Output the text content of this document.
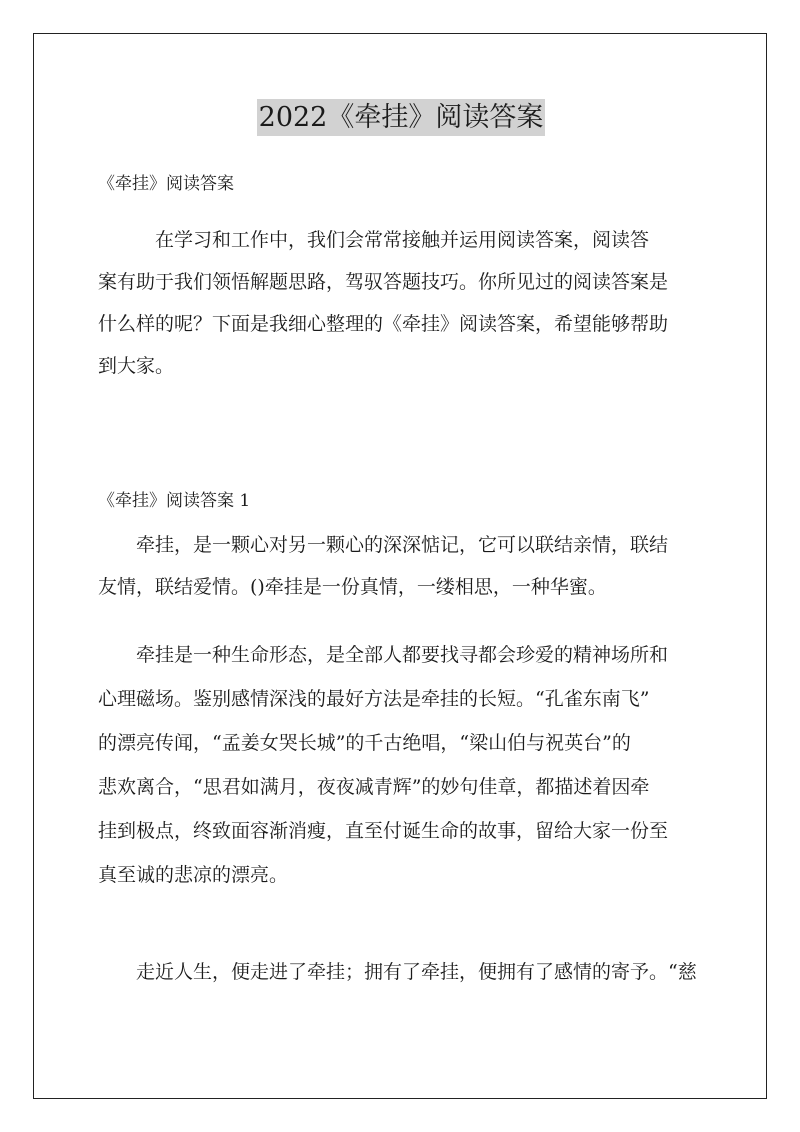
2022《牵挂》阅读答案
《牵挂》阅读答案
　　　在学习和工作中，我们会常常接触并运用阅读答案，阅读答
案有助于我们领悟解题思路，驾驭答题技巧。你所见过的阅读答案是
什么样的呢？下面是我细心整理的《牵挂》阅读答案，希望能够帮助
到大家。
《牵挂》阅读答案 1
　　牵挂，是一颗心对另一颗心的深深惦记，它可以联结亲情，联结
友情，联结爱情。()牵挂是一份真情，一缕相思，一种华蜜。
　　牵挂是一种生命形态，是全部人都要找寻都会珍爱的精神场所和
心理磁场。鉴别感情深浅的最好方法是牵挂的长短。“孔雀东南飞”
的漂亮传闻，“孟姜女哭长城”的千古绝唱，“梁山伯与祝英台”的
悲欢离合，“思君如满月，夜夜减青辉”的妙句佳章，都描述着因牵
挂到极点，终致面容渐消瘦，直至付诞生命的故事，留给大家一份至
真至诚的悲凉的漂亮。
　　走近人生，便走进了牵挂；拥有了牵挂，便拥有了感情的寄予。“慈
